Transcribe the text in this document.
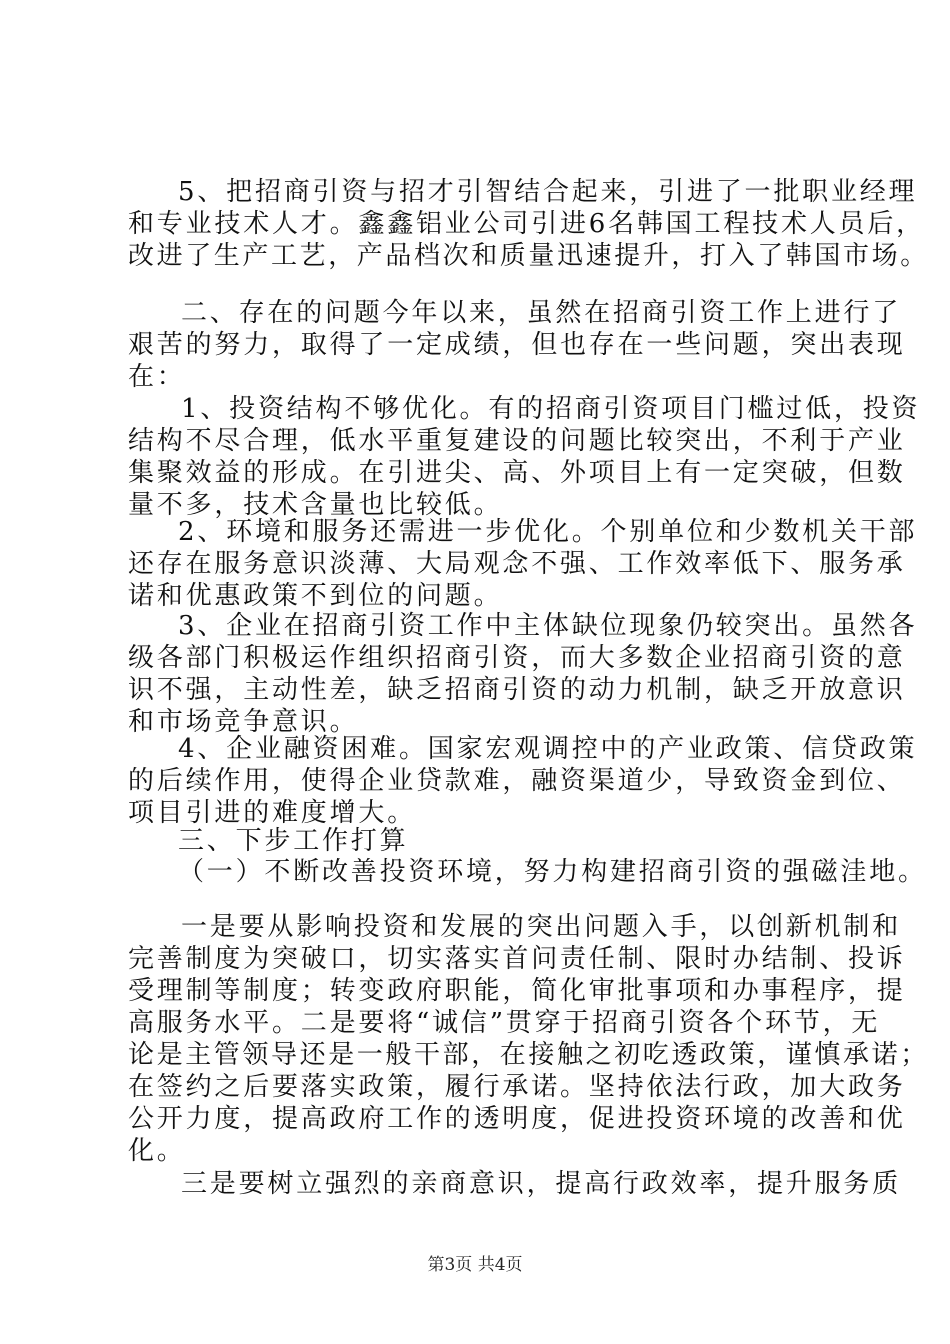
5、把招商引资与招才引智结合起来，引进了一批职业经理
和专业技术人才。鑫鑫铝业公司引进6名韩国工程技术人员后，
改进了生产工艺，产品档次和质量迅速提升，打入了韩国市场。
二、存在的问题今年以来，虽然在招商引资工作上进行了
艰苦的努力，取得了一定成绩，但也存在一些问题，突出表现
在：
1、投资结构不够优化。有的招商引资项目门槛过低，投资
结构不尽合理，低水平重复建设的问题比较突出，不利于产业
集聚效益的形成。在引进尖、高、外项目上有一定突破，但数
量不多，技术含量也比较低。
2、环境和服务还需进一步优化。个别单位和少数机关干部
还存在服务意识淡薄、大局观念不强、工作效率低下、服务承
诺和优惠政策不到位的问题。
3、企业在招商引资工作中主体缺位现象仍较突出。虽然各
级各部门积极运作组织招商引资，而大多数企业招商引资的意
识不强，主动性差，缺乏招商引资的动力机制，缺乏开放意识
和市场竞争意识。
4、企业融资困难。国家宏观调控中的产业政策、信贷政策
的后续作用，使得企业贷款难，融资渠道少，导致资金到位、
项目引进的难度增大。
三、下步工作打算
（一）不断改善投资环境，努力构建招商引资的强磁洼地。
一是要从影响投资和发展的突出问题入手，以创新机制和
完善制度为突破口，切实落实首问责任制、限时办结制、投诉
受理制等制度；转变政府职能，简化审批事项和办事程序，提
高服务水平。二是要将“诚信”贯穿于招商引资各个环节，无
论是主管领导还是一般干部，在接触之初吃透政策，谨慎承诺；
在签约之后要落实政策，履行承诺。坚持依法行政，加大政务
公开力度，提高政府工作的透明度，促进投资环境的改善和优
化。
三是要树立强烈的亲商意识，提高行政效率，提升服务质
第3页 共4页
